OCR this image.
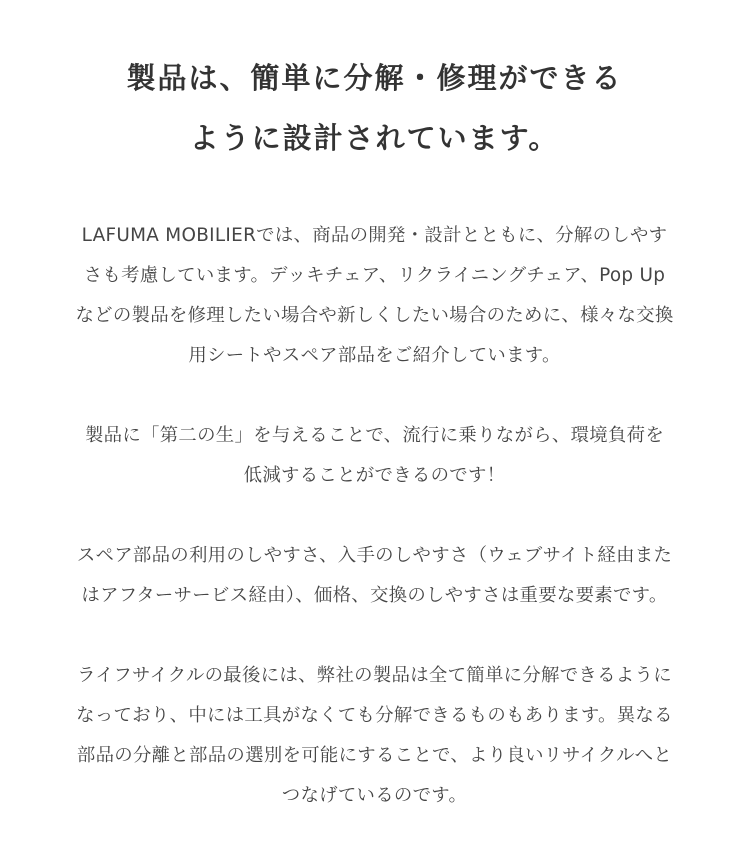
製品は、簡単に分解・修理ができる
ように設計されています。
LAFUMA MOBILIERでは、商品の開発・設計とともに、分解のしやす
さも考慮しています。デッキチェア、リクライニングチェア、Pop Up
などの製品を修理したい場合や新しくしたい場合のために、様々な交換
用シートやスペア部品をご紹介しています。
製品に「第二の生」を与えることで、流行に乗りながら、環境負荷を
低減することができるのです！
スペア部品の利用のしやすさ、入手のしやすさ（ウェブサイト経由また
はアフターサービス経由）、価格、交換のしやすさは重要な要素です。
ライフサイクルの最後には、弊社の製品は全て簡単に分解できるように
なっており、中には工具がなくても分解できるものもあります。異なる
部品の分離と部品の選別を可能にすることで、より良いリサイクルへと
つなげているのです。
